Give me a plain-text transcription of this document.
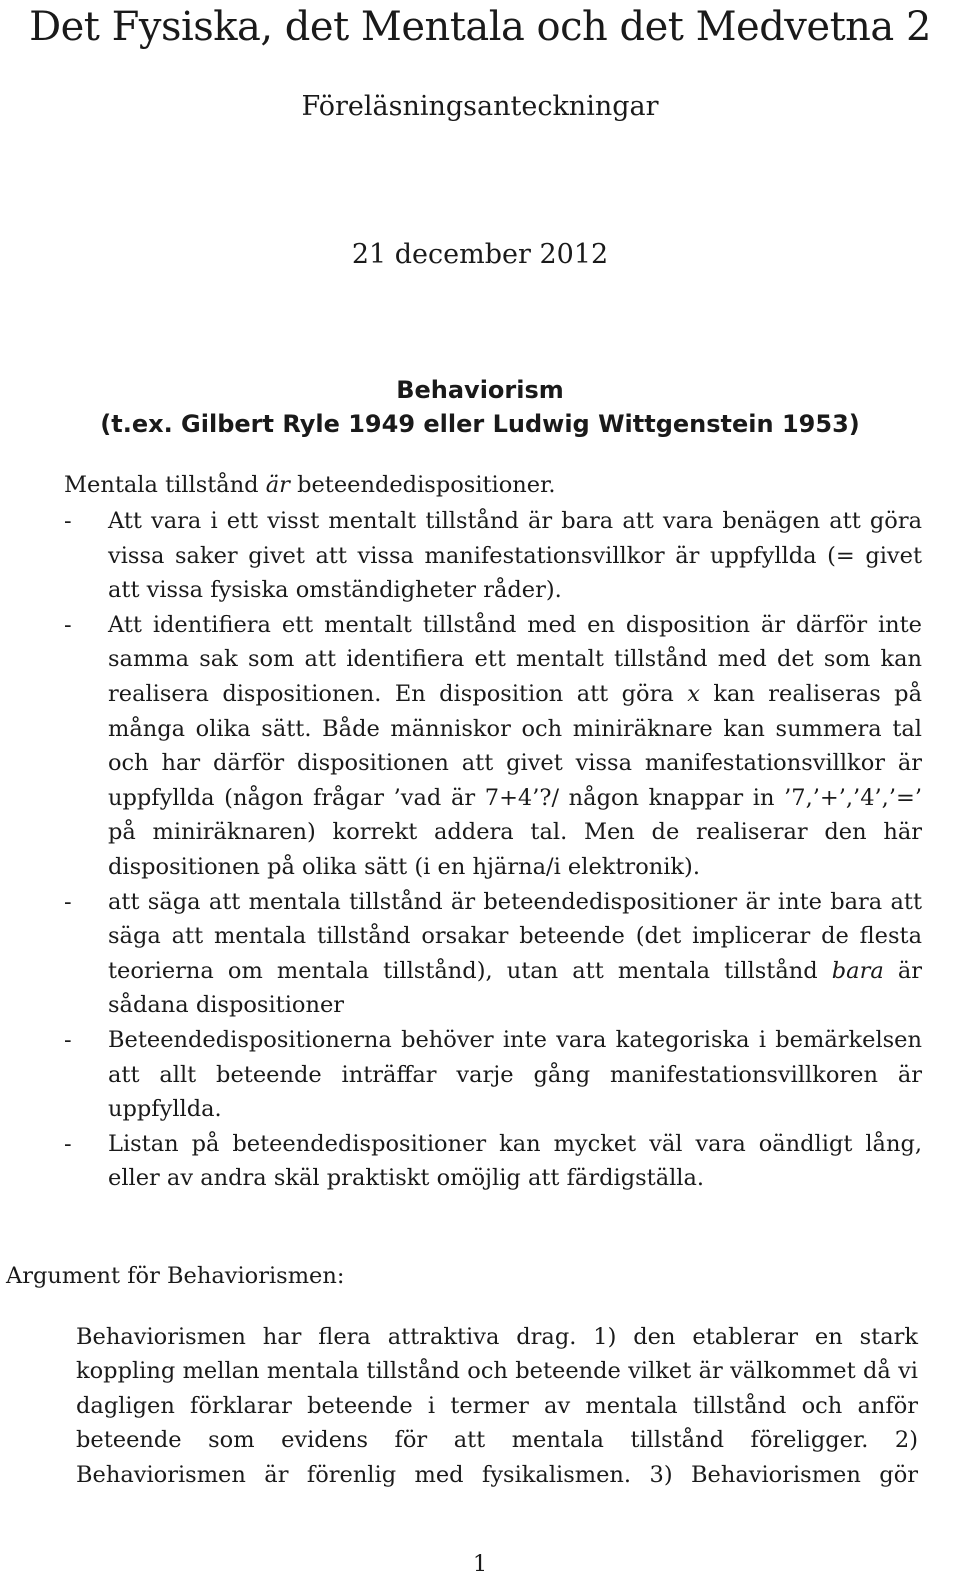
Det Fysiska, det Mentala och det Medvetna 2
Föreläsningsanteckningar
21 december 2012
Behaviorism
(t.ex. Gilbert Ryle 1949 eller Ludwig Wittgenstein 1953)
Mentala tillstånd är beteendedispositioner.
- Att vara i ett visst mentalt tillstånd är bara att vara benägen att göra vissa saker givet att vissa manifestationsvillkor är uppfyllda (= givet att vissa fysiska omständigheter råder).
- Att identifiera ett mentalt tillstånd med en disposition är därför inte samma sak som att identifiera ett mentalt tillstånd med det som kan realisera dispositionen. En disposition att göra x kan realiseras på många olika sätt. Både människor och miniräknare kan summera tal och har därför dispositionen att givet vissa manifestationsvillkor är uppfyllda (någon frågar ’vad är 7+4’?/ någon knappar in ’7,’+’,’4’,’=’ på miniräknaren) korrekt addera tal. Men de realiserar den här dispositionen på olika sätt (i en hjärna/i elektronik).
- att säga att mentala tillstånd är beteendedispositioner är inte bara att säga att mentala tillstånd orsakar beteende (det implicerar de flesta teorierna om mentala tillstånd), utan att mentala tillstånd bara är sådana dispositioner
- Beteendedispositionerna behöver inte vara kategoriska i bemärkelsen att allt beteende inträffar varje gång manifestationsvillkoren är uppfyllda.
- Listan på beteendedispositioner kan mycket väl vara oändligt lång, eller av andra skäl praktiskt omöjlig att färdigställa.
Argument för Behaviorismen:
Behaviorismen har flera attraktiva drag. 1) den etablerar en stark koppling mellan mentala tillstånd och beteende vilket är välkommet då vi dagligen förklarar beteende i termer av mentala tillstånd och anför beteende som evidens för att mentala tillstånd föreligger. 2) Behaviorismen är förenlig med fysikalismen. 3) Behaviorismen gör
1
